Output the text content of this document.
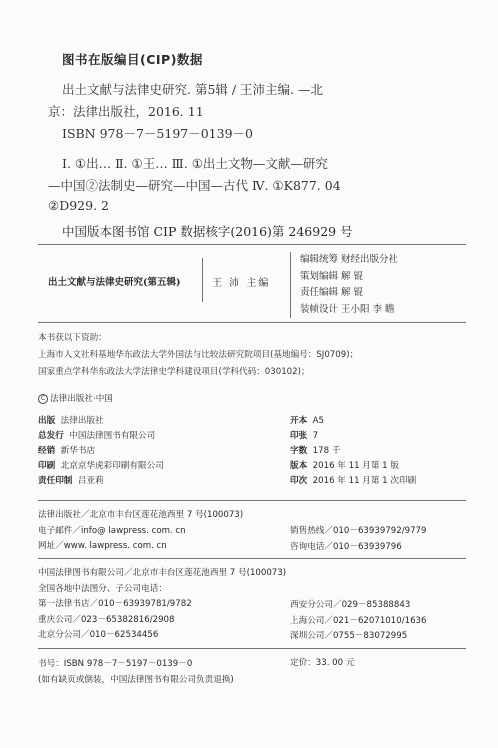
图书在版编目(CIP)数据
出土文献与法律史研究. 第5辑 / 王沛主编. —北
京：法律出版社，2016. 11
ISBN 978－7－5197－0139－0
Ⅰ. ①出… Ⅱ. ①王… Ⅲ. ①出土文物—文献—研究
—中国②法制史—研究—中国—古代 Ⅳ. ①K877. 04
②D929. 2
中国版本图书馆 CIP 数据核字(2016)第 246929 号
出土文献与法律史研究(第五辑)	王 沛 主编
编辑统筹 财经出版分社
策划编辑 解 锟
责任编辑 解 锟
装帧设计 王小阳 李 瞻
本书获以下资助：
上海市人文社科基地华东政法大学外国法与比较法研究院项目(基地编号：SJ0709)；
国家重点学科华东政法大学法律史学科建设项目(学科代码：030102)；
C 法律出版社·中国
出版 法律出版社
总发行 中国法律图书有限公司
经销 新华书店
印刷 北京京华虎彩印刷有限公司
责任印制 吕亚莉
开本 A5
印张 7
字数 178 千
版本 2016 年 11 月第 1 版
印次 2016 年 11 月第 1 次印刷
法律出版社／北京市丰台区莲花池西里 7 号(100073)
电子邮件／info@ lawpress. com. cn
网址／www. lawpress. com. cn
销售热线／010－63939792/9779
咨询电话／010－63939796
中国法律图书有限公司／北京市丰台区莲花池西里 7 号(100073)
全国各地中法图分、子公司电话：
第一法律书店／010－63939781/9782
重庆公司／023－65382816/2908
北京分公司／010－62534456
西安分公司／029－85388843
上海公司／021－62071010/1636
深圳公司／0755－83072995
书号：ISBN 978－7－5197－0139－0
(如有缺页或倒装，中国法律图书有限公司负责退换)
定价：33. 00 元
